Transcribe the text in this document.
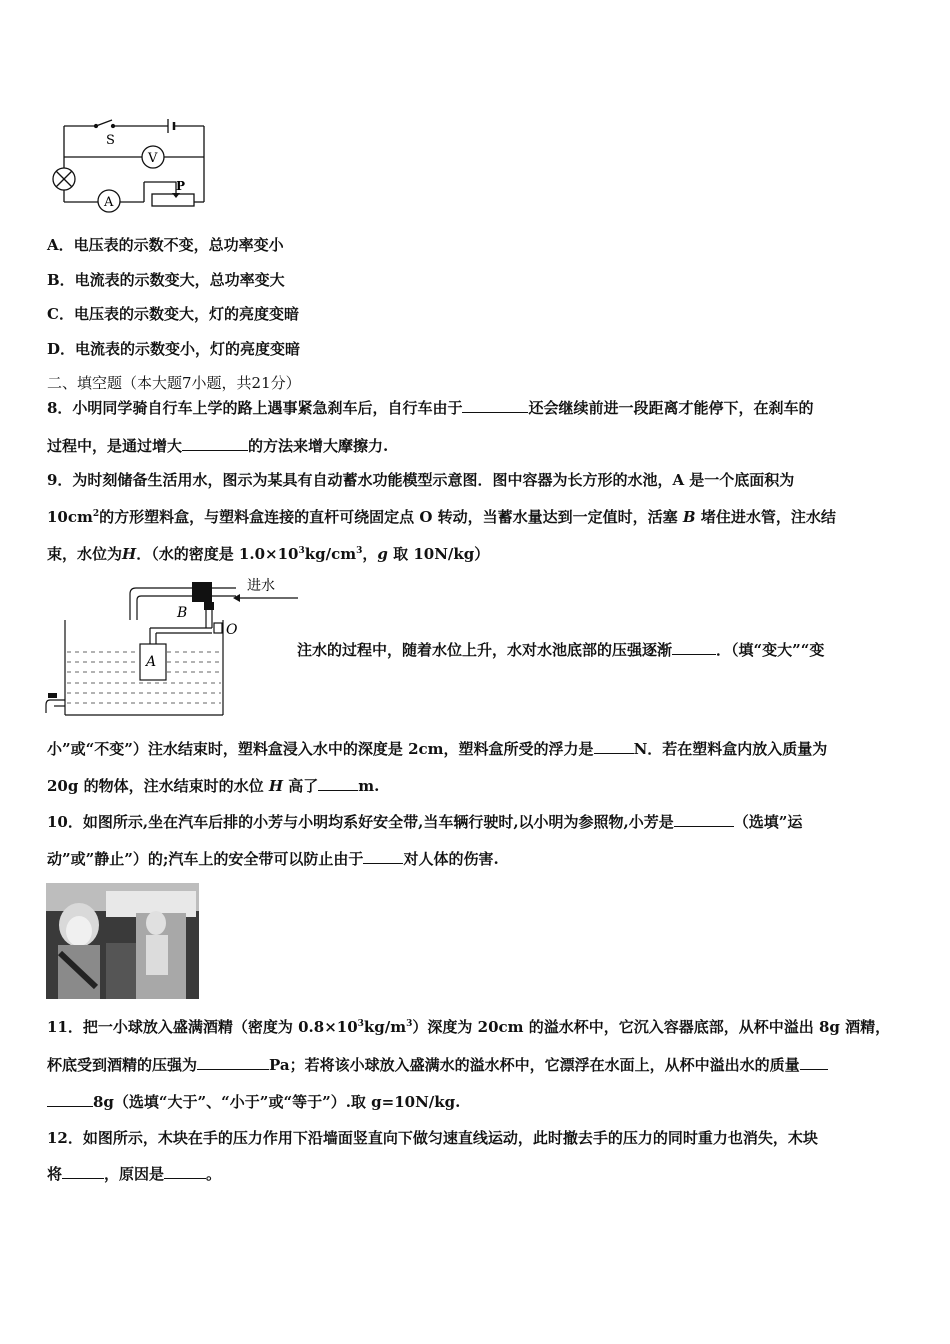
S
V
A
P
A．电压表的示数不变，总功率变小
B．电流表的示数变大，总功率变大
C．电压表的示数变大，灯的亮度变暗
D．电流表的示数变小，灯的亮度变暗
二、填空题（本大题7小题，共21分）
8．小明同学骑自行车上学的路上遇事紧急刹车后，自行车由于	还会继续前进一段距离才能停下，在刹车的
过程中，是通过增大	的方法来增大摩擦力.
9．为时刻储备生活用水，图示为某具有自动蓄水功能模型示意图．图中容器为长方形的水池，A 是一个底面积为
$10cm^2$的方形塑料盒，与塑料盒连接的直杆可绕固定点 O 转动，当蓄水量达到一定值时，活塞 B 堵住进水管，注水结
束，水位为H．（水的密度是 $1.0\times 10^3kg/cm^3$，g 取 10N/kg）
进水
B
O
A
注水的过程中，随着水位上升，水对水池底部的压强逐渐	．（填“变大”“变
小”或“不变”）注水结束时，塑料盒浸入水中的深度是 2cm，塑料盒所受的浮力是	N．若在塑料盒内放入质量为
20g 的物体，注水结束时的水位 H 高了	m.
10．如图所示,坐在汽车后排的小芳与小明均系好安全带,当车辆行驶时,以小明为参照物,小芳是	（选填”运
动”或”静止”）的;汽车上的安全带可以防止由于	对人体的伤害.
11．把一小球放入盛满酒精（密度为 $0.8\times 10^3kg/m^3$）深度为 20cm 的溢水杯中，它沉入容器底部，从杯中溢出 8g 酒精，
杯底受到酒精的压强为	Pa；若将该小球放入盛满水的溢水杯中，它漂浮在水面上，从杯中溢出水的质量
8g（选填“大于”、“小于”或“等于”）.取 g=10N/kg.
12．如图所示，木块在手的压力作用下沿墙面竖直向下做匀速直线运动，此时撤去手的压力的同时重力也消失，木块
将	，原因是	。
